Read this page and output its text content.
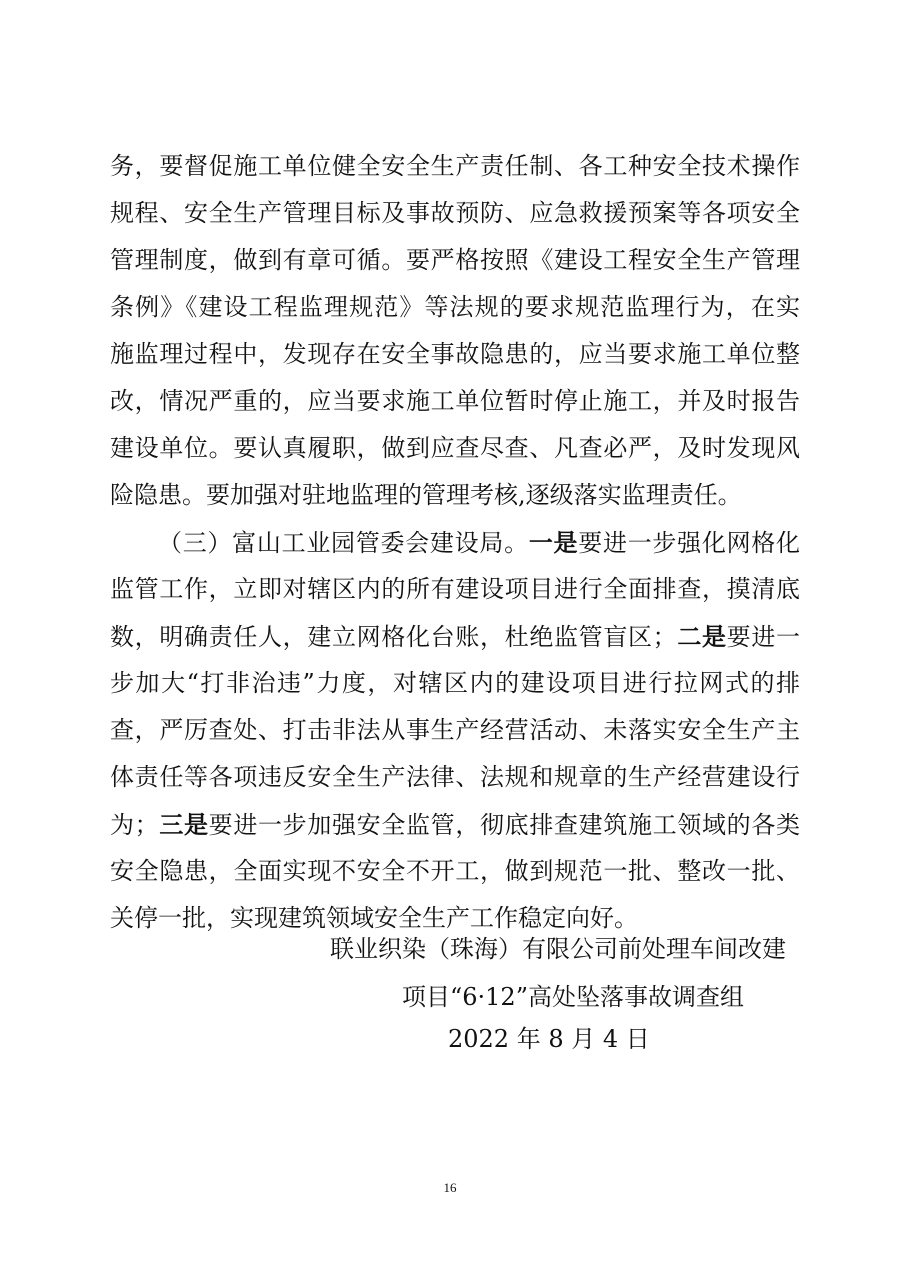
务，要督促施工单位健全安全生产责任制、各工种安全技术操作
规程、安全生产管理目标及事故预防、应急救援预案等各项安全
管理制度，做到有章可循。要严格按照《建设工程安全生产管理
条例》《建设工程监理规范》等法规的要求规范监理行为，在实
施监理过程中，发现存在安全事故隐患的，应当要求施工单位整
改，情况严重的，应当要求施工单位暂时停止施工，并及时报告
建设单位。要认真履职，做到应查尽查、凡查必严，及时发现风
险隐患。要加强对驻地监理的管理考核,逐级落实监理责任。
（三）富山工业园管委会建设局。一是要进一步强化网格化
监管工作，立即对辖区内的所有建设项目进行全面排查，摸清底
数，明确责任人，建立网格化台账，杜绝监管盲区；二是要进一
步加大“打非治违”力度，对辖区内的建设项目进行拉网式的排
查，严厉查处、打击非法从事生产经营活动、未落实安全生产主
体责任等各项违反安全生产法律、法规和规章的生产经营建设行
为；三是要进一步加强安全监管，彻底排查建筑施工领域的各类
安全隐患，全面实现不安全不开工，做到规范一批、整改一批、
关停一批，实现建筑领域安全生产工作稳定向好。
联业织染（珠海）有限公司前处理车间改建
项目“6·12”高处坠落事故调查组
2022 年 8 月 4 日
16
